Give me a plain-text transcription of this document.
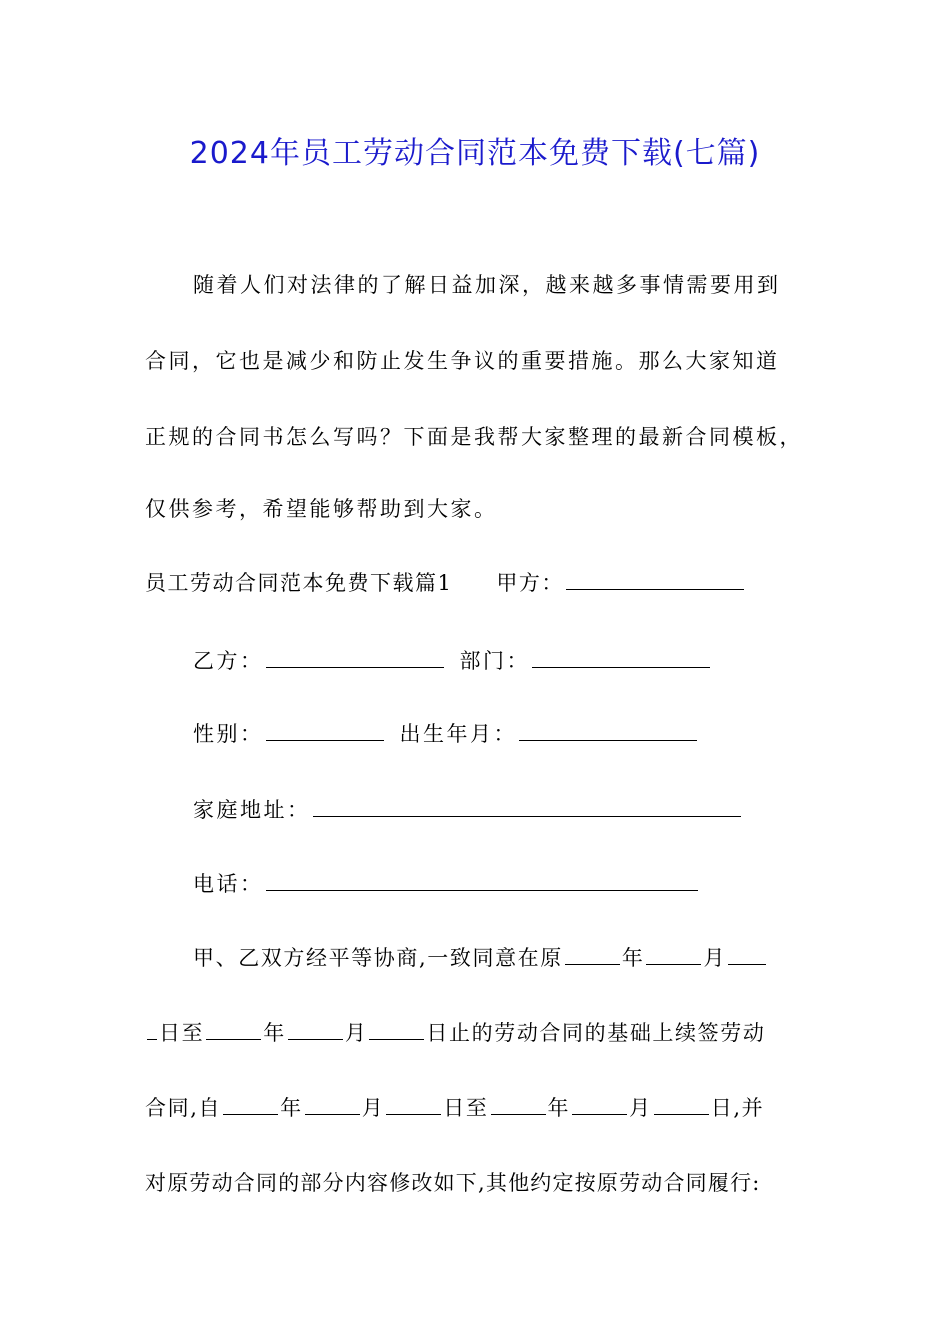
2024年员工劳动合同范本免费下载(七篇)
随着人们对法律的了解日益加深，越来越多事情需要用到
合同，它也是减少和防止发生争议的重要措施。那么大家知道
正规的合同书怎么写吗？下面是我帮大家整理的最新合同模板，
仅供参考，希望能够帮助到大家。
员工劳动合同范本免费下载篇1 甲方：
乙方：	部门：
性别：	出生年月：
家庭地址：
电话：
甲、乙双方经平等协商,一致同意在原	年	月
日至	年	月	日止的劳动合同的基础上续签劳动
合同,自	年	月	日至	年	月	日,并
对原劳动合同的部分内容修改如下,其他约定按原劳动合同履行:
